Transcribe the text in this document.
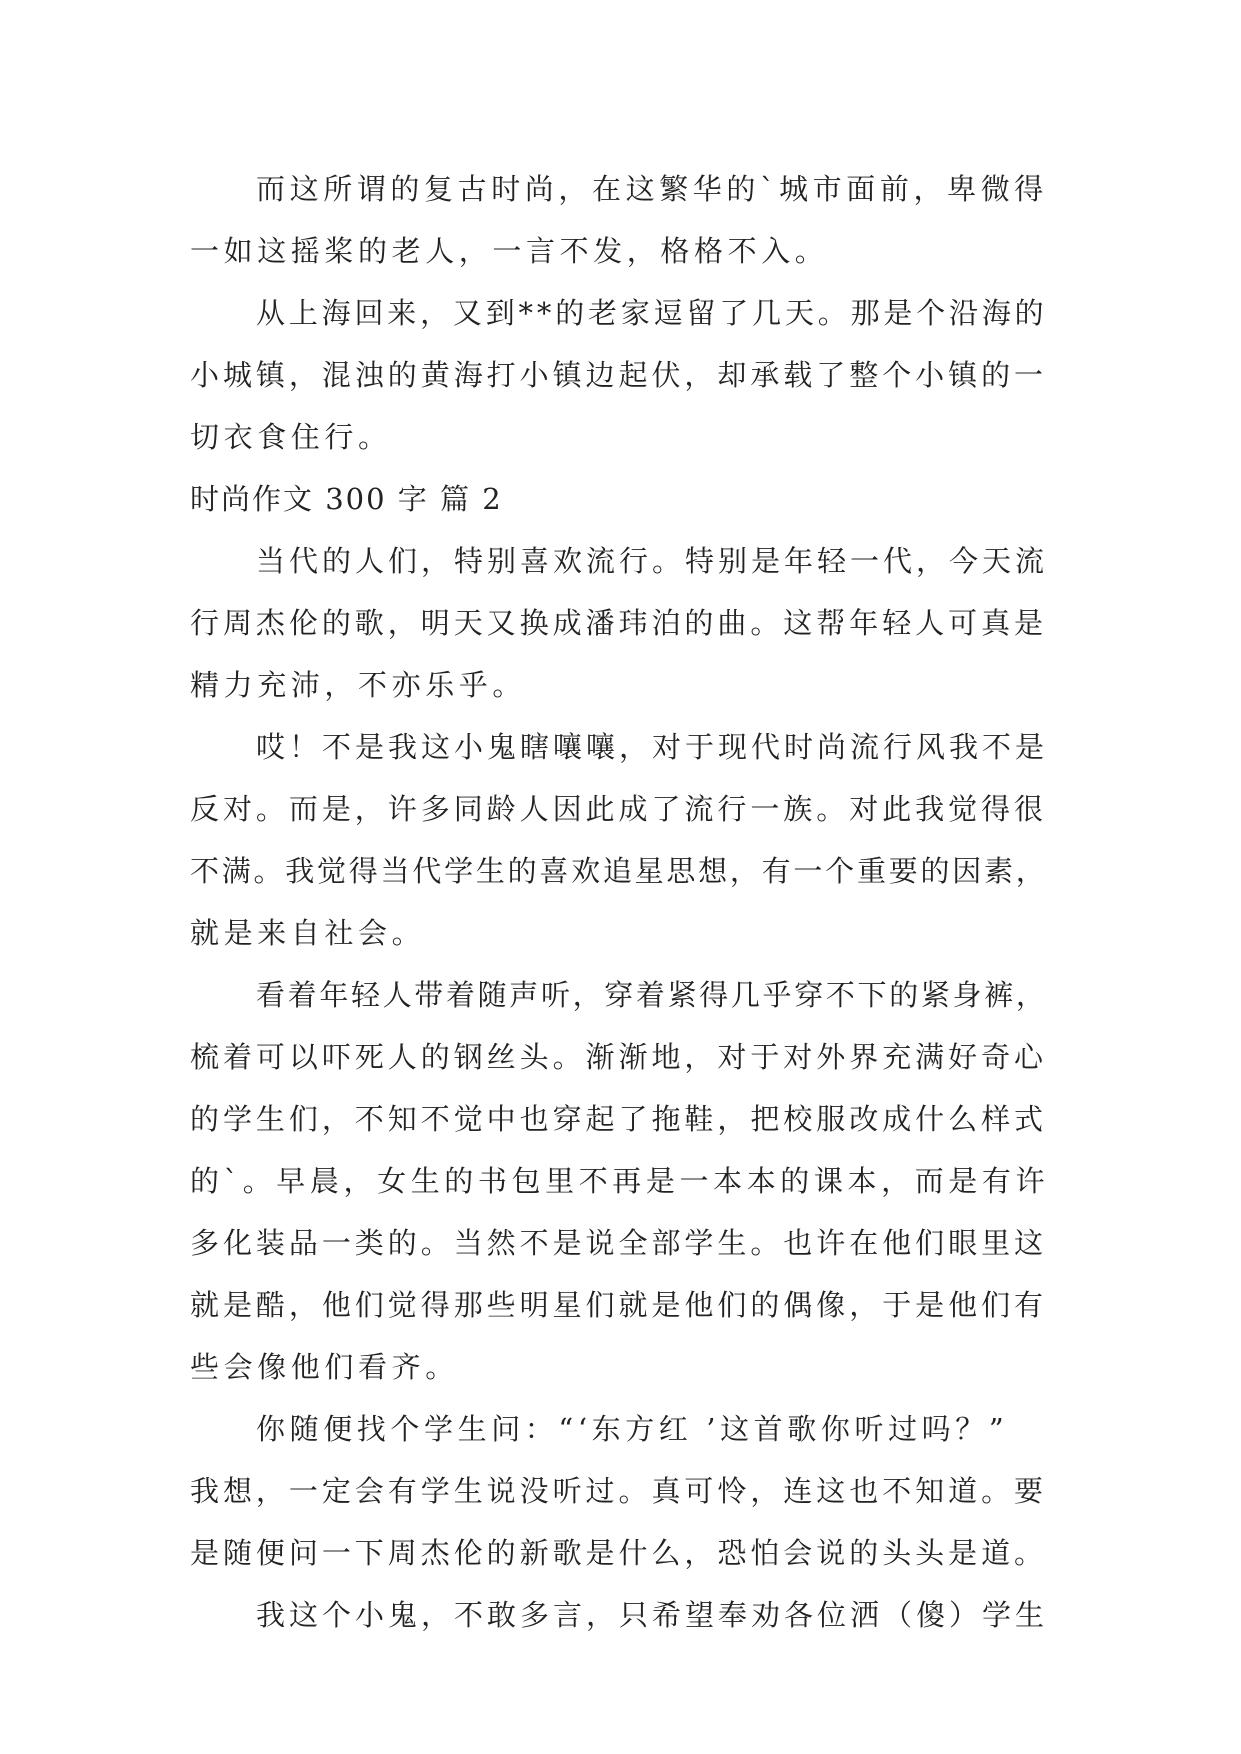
而这所谓的复古时尚，在这繁华的`城市面前，卑微得
一如这摇桨的老人，一言不发，格格不入。
从上海回来，又到**的老家逗留了几天。那是个沿海的
小城镇，混浊的黄海打小镇边起伏，却承载了整个小镇的一
切衣食住行。
时尚作文 300 字 篇 2
当代的人们，特别喜欢流行。特别是年轻一代，今天流
行周杰伦的歌，明天又换成潘玮泊的曲。这帮年轻人可真是
精力充沛，不亦乐乎。
哎！不是我这小鬼瞎嚷嚷，对于现代时尚流行风我不是
反对。而是，许多同龄人因此成了流行一族。对此我觉得很
不满。我觉得当代学生的喜欢追星思想，有一个重要的因素，
就是来自社会。
看着年轻人带着随声听，穿着紧得几乎穿不下的紧身裤，
梳着可以吓死人的钢丝头。渐渐地，对于对外界充满好奇心
的学生们，不知不觉中也穿起了拖鞋，把校服改成什么样式
的`。早晨，女生的书包里不再是一本本的课本，而是有许
多化装品一类的。当然不是说全部学生。也许在他们眼里这
就是酷，他们觉得那些明星们就是他们的偶像，于是他们有
些会像他们看齐。
你随便找个学生问：“‘东方红 ’这首歌你听过吗？”
我想，一定会有学生说没听过。真可怜，连这也不知道。要
是随便问一下周杰伦的新歌是什么，恐怕会说的头头是道。
我这个小鬼，不敢多言，只希望奉劝各位洒（傻）学生
